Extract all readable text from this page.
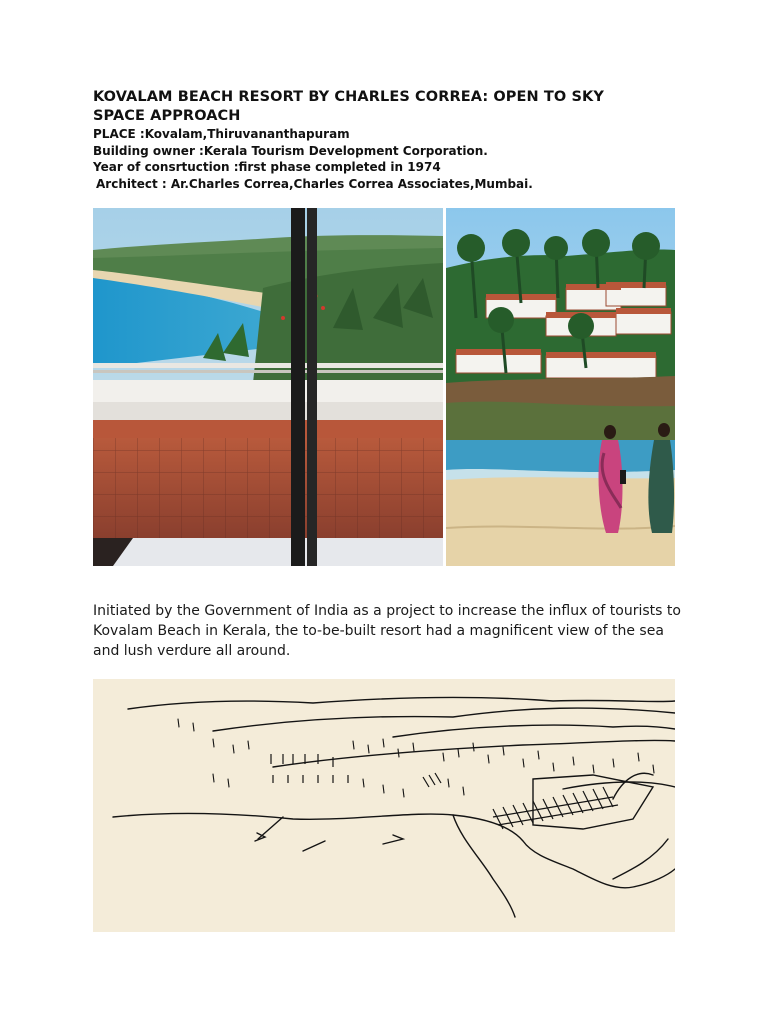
KOVALAM BEACH RESORT BY CHARLES CORREA: OPEN TO SKY SPACE APPROACH

PLACE :Kovalam,Thiruvananthapuram

Building owner :Kerala Tourism Development Corporation.

Year of consrtuction :first phase completed in 1974

Architect : Ar.Charles Correa,Charles Correa Associates,Mumbai.

Initiated by the Government of India as a project to increase the influx of tourists to Kovalam Beach in Kerala, the to-be-built resort had a magnificent view of the sea and lush verdure all around.
